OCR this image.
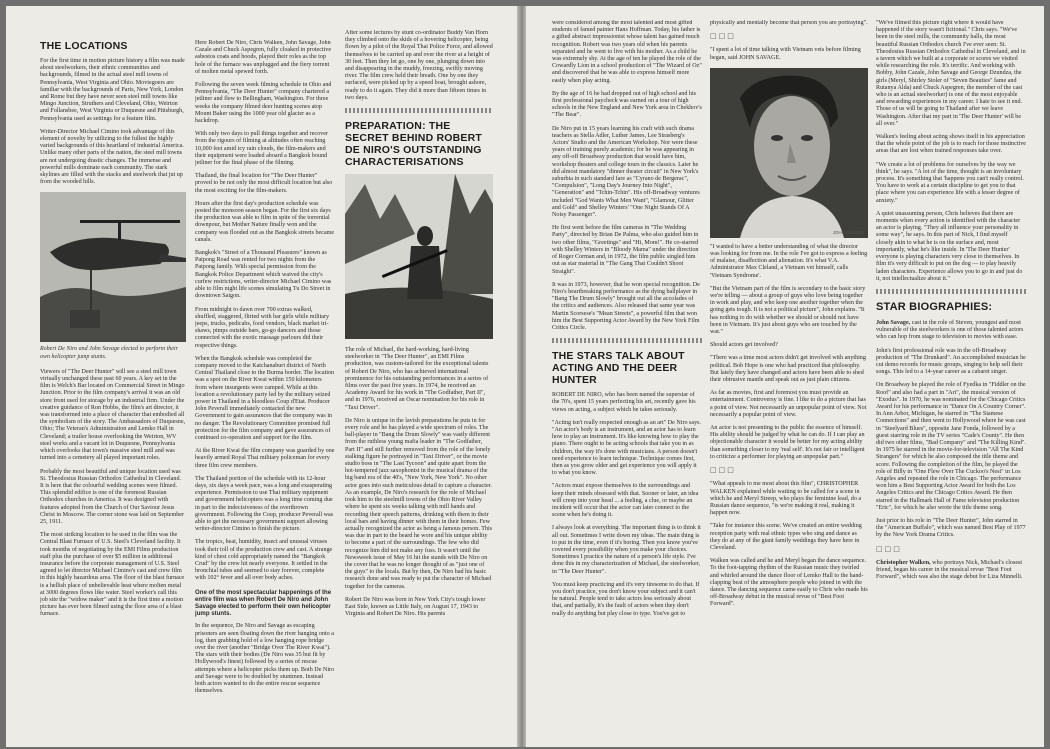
THE LOCATIONS

For the first time in motion picture history a film was made about steelworkers, their ethnic communities and backgrounds, filmed in the actual steel mill towns of Pennsylvania, West Virginia and Ohio. Moviegoers are familiar with the backgrounds of Paris, New York, London and Rome but they have never seen steel mill towns like Mingo Junction, Struthers and Cleveland, Ohio, Weirton and Follansbee, West Virginia or Duquesne and Pittsburgh, Pennsylvania used as settings for a feature film.

Writer-Director Michael Cimino took advantage of this element of novelty by utilizing to the fullest the highly varied backgrounds of this heartland of industrial America. Unlike many other parts of the nation, the steel mill towns are not undergoing drastic changes. The immense and powerful mills dominate each community. The stark skylines are filled with the stacks and steelwork that jut up from the wooded hills.

Robert De Niro and John Savage elected to perform their own helicopter jump stunts.

Viewers of "The Deer Hunter" will see a steel mill town virtually unchanged these past 60 years. A key set in the film is Welch's Bar located on Commercial Street in Mingo Junction. Prior to the film company's arrival it was an old store front used for storage by an industrial firm. Under the creative guidance of Ron Hobbs, the film's art director, it was transformed into a place of character that embodied all the symbolism of the story. The Ambassadors of Duquesne, Ohio; The Veteran's Administration and Lemko Hall in Cleveland; a trailer house overlooking the Weirton, WV steel works and a vacant lot in Duquesne, Pennsylvania which overlooks that town's massive steel mill and was turned into a cemetery all played important roles.

Probably the most beautiful and unique location used was St. Theodosius Russian Orthodox Cathedral in Cleveland. It is here that the colourful wedding scenes were filmed. This splendid edifice is one of the foremost Russian Orthodox churches in America. It was designed with features adopted from the Church of Our Saviour Jesus Christ in Moscow. The corner stone was laid on September 25, 1911.

The most striking location to be used in the film was the Central Blast Furnace of U.S. Steel's Cleveland facility. It took months of negotiating by the EMI Films production staff plus the purchase of over $5 million in additional insurance before the corporate management of U.S. Steel agreed to let director Michael Cimino's cast and crew film in this highly hazardous area. The floor of the blast furnace is a hellish place of unbelievable heat where molten metal at 3000 degrees flows like water. Steel worker's call this job site the "widow maker" and it is the first time a motion picture has ever been filmed using the floor area of a blast furnace.

Here Robert De Niro, Chris Walken, John Savage, John Cazale and Chuck Aspegren, fully cloaked in protective asbestos coats and hoods, played their roles as the top hole of the furnace was unplugged and the fiery torrent of molten metal spewed forth.

Following the seven week filming schedule in Ohio and Pennsylvania, "The Deer Hunter" company chartered a jetliner and flew to Bellingham, Washington. For three weeks the company filmed deer hunting scenes atop Mount Baker using the 1000 year old glacier as a backdrop.

With only two days to pull things together and recover from the rigours of filming at altitudes often reaching 10,000 feet amid icy rain clouds, the film-makers and their equipment were loaded aboard a Bangkok bound jetliner for the final phase of the filming.

Thailand, the final location for "The Deer Hunter" proved to be not only the most difficult location but also the most exciting for the film-makers.

Hours after the first day's production schedule was posted the monsoon season began. For the first six days the production was able to film in spite of the torrential downpour, but Mother Nature finally won and the company was flooded out as the Bangkok streets became canals.

Bangkok's "Street of a Thousand Pleasures" known as Patpong Road was rented for two nights from the Patpong family. With special permission from the Bangkok Police Department which waived the city's curfew restrictions, writer-director Michael Cimino was able to film night life scenes simulating Tu Do Street in downtown Saigon.

From midnight to dawn over 700 extras walked, shuffled, staggered, flirted with bar girls while military jeeps, trucks, pedicabs, food vendors, black market tri-shaws, pimps outside bars, go-go dancers and those connected with the exotic massage parlours did their respective things.

When the Bangkok schedule was completed the company moved to the Katchanaburi district of North Central Thailand close to the Burma border. The location was a spot on the River Kwai within 150 kilometers from where insurgents were camped. While at this location a revolutionary party led by the military seized power in Thailand in a bloodless Coup d'Etat. Producer John Peverall immediately contacted the new Government to gain assurances that the company was in no danger. The Revolutionary Committee promised full protection for the film company and gave assurances of continued co-operation and support for the film.

At the River Kwai the film company was guarded by one heavily armed Royal Thai military policeman for every three film crew members.

The Thailand portion of the schedule with its 12-hour days, six days a week pace, was a long and exasperating experience. Permission to use Thai military equipment and government helicopters was a long time coming due in part to the indecisiveness of the overthrown government. Following the Coup, producer Peverall was able to get the necessary government support allowing writer-director Cimino to finish the picture.

The tropics, heat, humidity, insect and unusual viruses took their toll of the production crew and cast. A strange kind of chest cold appropriately named the "Bangkok Crud" by the crew hit nearly everyone. It settled in the bronchial tubes and seemed to stay forever, complete with 102° fever and all over body aches.

One of the most spectacular happenings of the entire film was when Robert De Niro and John Savage elected to perform their own helicopter jump stunts.

In the sequence, De Niro and Savage as escaping prisoners are seen floating down the river hanging onto a log, then grabbing hold of a low hanging rope bridge over the river (another "Bridge Over The River Kwai"). The stars with their bodies (De Niro was 35 but fit by Hollywood's finest) followed by a series of rescue attempts where a helicopter picks them up. Both De Niro and Savage were to be doubled by stuntmen. Instead both actors wanted to do the entire rescue sequence themselves.

After some lectures by stunt co-ordinator Buddy Van Horn they climbed onto the skids of a hovering helicopter, being flown by a pilot of the Royal Thai Police Force, and allowed themselves to be carried up and over the river at a height of 30 feet. Then they let go, one by one, plunging down into and disappearing in the muddy, freezing, swiftly moving river. The film crew held their breath. One by one they surfaced, were picked up by a speed boat, brought ashore, ready to do it again. They did it more than fifteen times in two days.

PREPARATION: THE SECRET BEHIND ROBERT DE NIRO'S OUTSTANDING CHARACTERISATIONS

The role of Michael, the hard-working, hard-living steelworker in "The Deer Hunter", an EMI Films production, was custom-tailored for the exceptional talents of Robert De Niro, who has achieved international prominence for his outstanding performances in a series of films over the past five years. In 1974, he received an Academy Award for his work in "The Godfather, Part II", and in 1976, received an Oscar nomination for his role in "Taxi Driver".

De Niro is unique in the lavish preparations he puts in for every role and he has played a wide spectrum of roles. The ball-player in "Bang the Drum Slowly" was vastly different from the ruthless young mafia leader in "The Godfather, Part II" and still further removed from the role of the lonely stalking figure he portrayed in "Taxi Driver", or the movie studio boss in "The Last Tycoon" and quite apart from the hot-tempered jazz saxophonist in the musical drama of the big band era of the 40's, "New York, New York". No other actor goes into such meticulous detail to capture a character. As an example, De Niro's research for the role of Michael took him to the steelmill towns of the Ohio River Valley where he spent six weeks talking with mill hands and recording their speech patterns, drinking with them in their local bars and having dinner with them in their homes. Few actually recognized the actor as being a famous person. This was due in part to the beard he wore and his unique ability to become a part of the surroundings. The few who did recognize him did not make any fuss. It wasn't until the Newsweek issue of May 16 hit the stands with De Niro on the cover that he was no longer thought of as "just one of the guys" to the locals. But by then, De Niro had his basic research done and was ready to put the character of Michael together for the cameras.

Robert De Niro was born in New York City's tough lower East Side, known as Little Italy, on August 17, 1943 to Virginia and Robert De Niro. His parents

were considered among the most talented and most gifted students of famed painter Hans Hoffman. Today, his father is a gifted abstract impressionist whose talent has gained much recognition. Robert was two years old when his parents separated and he went to live with his mother. As a child he was extremely shy. At the age of ten he played the role of the Cowardly Lion in a school production of "The Wizard of Oz" and discovered that he was able to express himself more easily when play acting.

By the age of 16 he had dropped out of high school and his first professional paycheck was earned on a tour of high schools in the New England and New York area in Chekhov's "The Bear".

De Niro put in 15 years learning his craft with such drama teachers as Stella Adler, Luther James, Lee Strasberg's Actors' Studio and the American Workshop. Nor were these years of training purely academic; for he was appearing in any off-off Broadway production that would have him, workshop theaters and college tours in the classics. Later he did almost mandatory "dinner theater circuit" in New York's suburbia in such standard fare as "Cyrano de Bergerac", "Compulsion", "Long Day's Journey Into Night", "Generation" and "Tchin-Tchin". His off-Broadway ventures included "God Wants What Men Want", "Glamour, Glitter and Gold" and Shelley Winters' "One Night Stands Of A Noisy Passenger".

He first went before the film cameras in "The Wedding Party", directed by Brian De Palma, who also guided him in two other films, "Greetings" and "Hi, Mom!". He co-starred with Shelley Winters in "Bloody Mama" under the direction of Roger Corman and, in 1972, the film public singled him out as star material in "The Gang That Couldn't Shoot Straight".

It was in 1973, however, that he won special recognition. De Niro's heartbreaking performance as the dying ballplayer in "Bang The Drum Slowly" brought out all the accolades of the critics and audiences. Also released that same year was Martin Scorsese's "Mean Streets", a powerful film that won him the Best Supporting Actor Award by the New York Film Critics Circle.

THE STARS TALK ABOUT ACTING AND THE DEER HUNTER

ROBERT DE NIRO, who has been named the superstar of the 70's, spent 15 years perfecting his art, recently gave his views on acting, a subject which he takes seriously.

"Acting isn't really respected enough as an art" De Niro says. "An actor's body is an instrument, and an actor has to learn how to play an instrument. It's like knowing how to play the piano. There ought to be acting schools that take you in as children, the way it's done with musicians. A person doesn't need experience to learn technique. Technique comes first, then as you grow older and get experience you will apply it to what you know.

"Actors must expose themselves to the surroundings and keep their minds obsessed with that. Sooner or later, an idea will creep into your head ... a feeling, a clue, or maybe an incident will occur that the actor can later connect to the scene when he's doing it.

I always look at everything. The important thing is to think it all out. Sometimes I write down my ideas. The main thing is to put in the time, even if it's boring. Then you know you've covered every possibility when you make your choices. Sometimes I practice the nature of a person's life style. I've done this in my characterization of Michael, the steelworker, in "The Deer Hunter".

You must keep practicing and it's very tiresome to do that. If you don't practice, you don't know your subject and it can't be natural. People tend to take actors less seriously about that, and partially, it's the fault of actors when they don't really do anything but play close to type. You've got to

physically and mentally become that person you are portraying".

□□□

"I spent a lot of time talking with Vietnam vets before filming began, said JOHN SAVAGE.

JOHN SAVAGE

"I wanted to have a better understanding of what the director was looking for from me. In the role I've got to express a feeling of malaise, disaffection and alienation. It's what V.A. Administrator Max Cleland, a Vietnam vet himself, calls 'Vietnam Syndrome'.

"But the Vietnam part of the film is secondary to the basic story we're telling — about a group of guys who love being together in work and play, and who keep one another together when the going gets tough. It is not a political picture", John explains. "It has nothing to do with whether we should or should not have been in Vietnam. It's just about guys who are touched by the war."

Should actors get involved?

"There was a time most actors didn't get involved with anything political. Bob Hope is one who had practiced that philosophy. But lately they have changed and actors have been able to shed their obtrusive mantle and speak out as just plain citizens.

As far as movies, first and foremost you must provide an entertainment. Controversy is fine. I like to do a picture that has a point of view. Not necessarily an unpopular point of view. Not necessarily a popular point of view.

An actor is not presenting to the public the essence of himself. His ability should be judged by what he can do. If I can play an objectionable character it would be better for my acting ability than something closer to my 'real self'. It's not fair or intelligent to criticize a performer for playing an unpopular part."

□□□

"What appeals to me most about this film", CHRISTOPHER WALKEN explained while waiting to be called for a scene in which he and Meryl Streep, who plays the feminine lead, do a Russian dance sequence, "is we're making it real, making it happen now.

"Take for instance this scene. We've created an entire wedding reception party with real ethnic types who sing and dance as they do at any of the giant family weddings they have here in Cleveland.

Walken was called and he and Meryl began the dance sequence. To the foot-tapping rhythm of the Russian music they twirled and whirled around the dance floor of Lemko Hall to the hand-clapping beat of the atmosphere people who joined in with the dance. The dancing sequence came easily to Chris who made his off-Broadway debut in the musical revue of "Best Foot Forward".

"We've filmed this picture right where it would have happened if the story wasn't fictional." Chris says. "We've been in the steel mills, the community halls, the most beautiful Russian Orthodox church I've ever seen: St. Theodosius Russian Orthodox Cathedral in Cleveland, and in a tavern which we built at a corporate or scores we visited while researching the role. It's terrific. And working with Bobby, John Cazale, John Savage and George Dzundza, the girls (Meryl, Shirley Stoler of "Seven Beauties" fame and Rutanya Alda) and Chuck Aspegren, the member of the cast who is an actual steelworker) is one of the most enjoyable and rewarding experiences in my career. I hate to see it end. Those of us will be going to Thailand after we leave Washington. After that my part in 'The Deer Hunter' will be all over."

Walken's feeling about acting shows itself in his appreciation that the whole point of the job is to reach for those instinctive areas that are lost when trained responses take over.

"We create a lot of problems for ourselves by the way we think", he says. "A lot of the time, thought is an involuntary process. It's something that 'happens you can't really control. You have to work at a certain discipline to get you to that place where you can experience life with a lesser degree of anxiety."

A quiet unassuming person, Chris believes that there are moments when every action is identified with the character an actor is playing. "They all influence your personality in some way", he says. In this part of Nick, I find myself closely akin to what he is on the surface and, most importantly, what he's like inside. In 'The Deer Hunter' everyone is playing characters very close to themselves. In film it's very difficult to put on the dog — to play heavily laden characters. Experience allows you to go in and just do it, not intellectualize about it."

STAR BIOGRAPHIES:

John Savage, cast in the role of Steven, youngest and most vulnerable of the steelworkers is one of those talented actors who can hop from stage to television to movies with ease.

John's first professional role was in the off-Broadway production of "The Drunkard". An accomplished musician he cut demo records for music groups, singing to help sell their songs. This led to a 14-year career as a cabaret singer.

On Broadway he played the role of Fyedka in "Fiddler on the Roof" and also had a part in "Ari", the musical version of "Exodus". In 1970, he was nominated for the Chicago Critics Award for his performance in "Dance On A Country Corner". In Ann Arbor, Michigan, he starred in "The Siamese Connections" and then went to Hollywood where he was cast in "Steelyard Blues", opposite Jane Fonda, followed by a guest starring role in the TV series "Cade's County". He then did two other films, "Bad Company" and "The Killing Kind". In 1975 he starred in the movie-for-television "All The Kind Strangers" for which he also composed the title theme and score. Following the completion of the film, he played the role of Billy in "One Flew Over The Cuckoo's Nest" in Los Angeles and repeated the role in Chicago. The performance won him a Best Supporting Actor Award for both the Los Angeles Critics and the Chicago Critics Award. He then starred in the Hallmark Hall of Fame television production "Eric", for which he also wrote the title theme song.

Just prior to his role in "The Deer Hunter", John starred in the "American Buffalo", which was named Best Play of 1977 by the New York Drama Critics.

□□□

Christopher Walken, who portrays Nick, Michael's closest friend, began his career in the musical revue "Best Foot Forward", which was also the stage debut for Liza Minnelli.
